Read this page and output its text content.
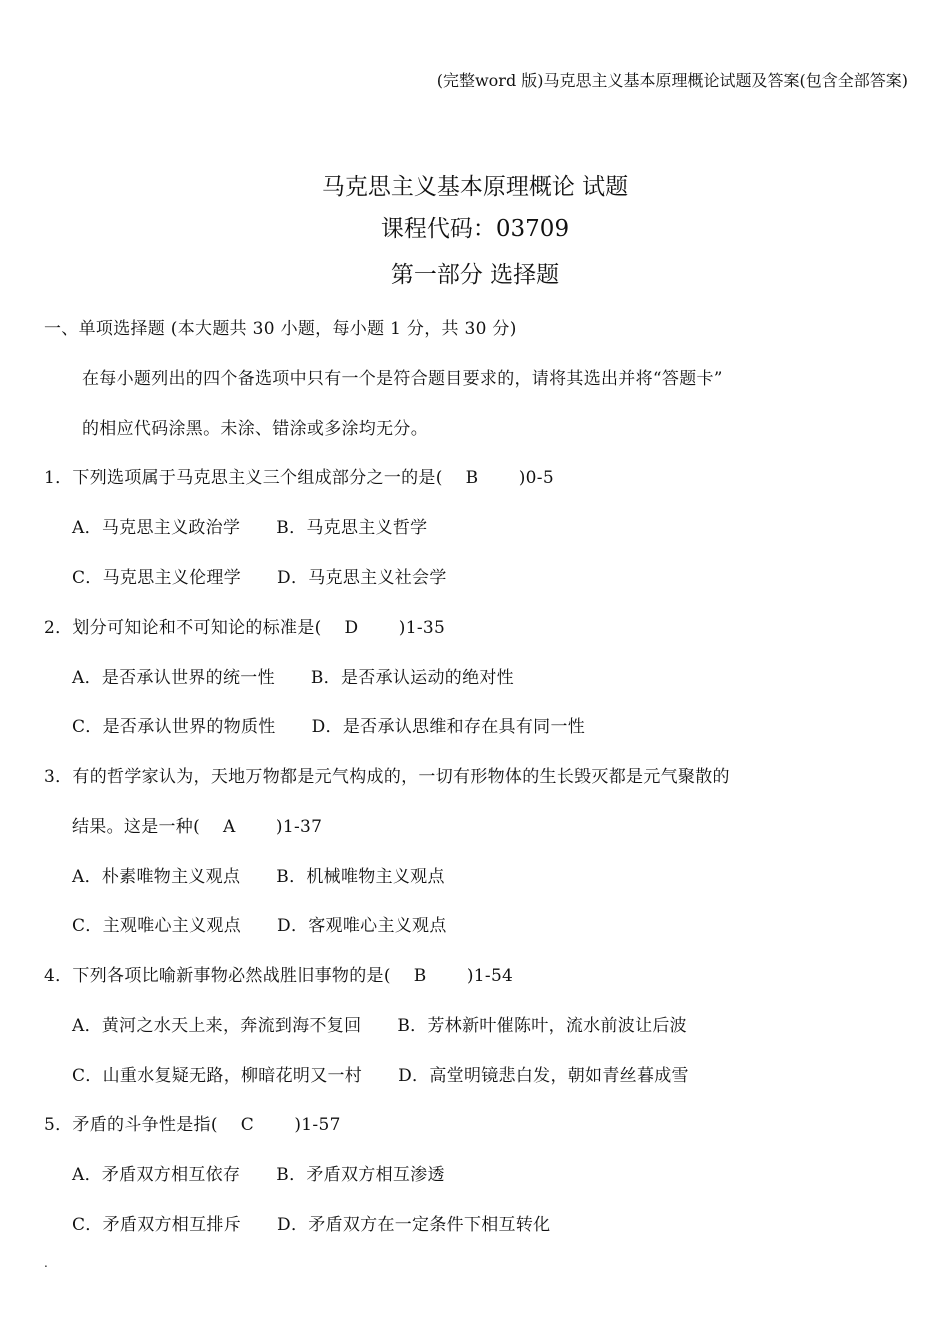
(完整word 版)马克思主义基本原理概论试题及答案(包含全部答案)
马克思主义基本原理概论 试题
课程代码：03709
第一部分 选择题
一、单项选择题 (本大题共 30 小题，每小题 1 分，共 30 分)
在每小题列出的四个备选项中只有一个是符合题目要求的，请将其选出并将“答题卡”
的相应代码涂黑。未涂、错涂或多涂均无分。
1．下列选项属于马克思主义三个组成部分之一的是(　 B 　　)0-5
A．马克思主义政治学 B．马克思主义哲学
C．马克思主义伦理学 D．马克思主义社会学
2．划分可知论和不可知论的标准是(　 D 　　)1-35
A．是否承认世界的统一性 B．是否承认运动的绝对性
C．是否承认世界的物质性 D．是否承认思维和存在具有同一性
3．有的哲学家认为，天地万物都是元气构成的，一切有形物体的生长毁灭都是元气聚散的
结果。这是一种(　 A 　　)1-37
A．朴素唯物主义观点 B．机械唯物主义观点
C．主观唯心主义观点 D．客观唯心主义观点
4．下列各项比喻新事物必然战胜旧事物的是(　 B 　　)1-54
A．黄河之水天上来，奔流到海不复回 B．芳林新叶催陈叶，流水前波让后波
C．山重水复疑无路，柳暗花明又一村 D．高堂明镜悲白发，朝如青丝暮成雪
5．矛盾的斗争性是指(　 C 　　)1-57
A．矛盾双方相互依存 B．矛盾双方相互渗透
C．矛盾双方相互排斥 D．矛盾双方在一定条件下相互转化
.
